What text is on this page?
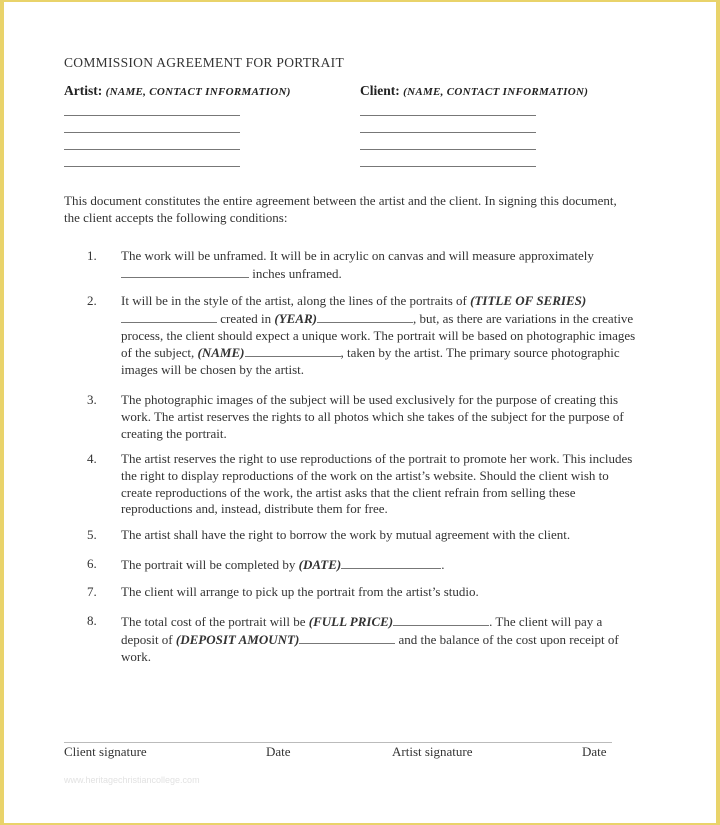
COMMISSION AGREEMENT FOR PORTRAIT
Artist: (NAME, CONTACT INFORMATION)	Client: (NAME, CONTACT INFORMATION)
This document constitutes the entire agreement between the artist and the client. In signing this document, the client accepts the following conditions:
1. The work will be unframed. It will be in acrylic on canvas and will measure approximately  inches unframed.
2. It will be in the style of the artist, along the lines of the portraits of (TITLE OF SERIES) created in (YEAR)	, but, as there are variations in the creative process, the client should expect a unique work. The portrait will be based on photographic images of the subject, (NAME)	, taken by the artist. The primary source photographic images will be chosen by the artist.
3. The photographic images of the subject will be used exclusively for the purpose of creating this work. The artist reserves the rights to all photos which she takes of the subject for the purpose of creating the portrait.
4. The artist reserves the right to use reproductions of the portrait to promote her work. This includes the right to display reproductions of the work on the artist’s website. Should the client wish to create reproductions of the work, the artist asks that the client refrain from selling these reproductions and, instead, distribute them for free.
5. The artist shall have the right to borrow the work by mutual agreement with the client.
6. The portrait will be completed by (DATE)	.
7. The client will arrange to pick up the portrait from the artist’s studio.
8. The total cost of the portrait will be (FULL PRICE)	. The client will pay a deposit of (DEPOSIT AMOUNT)	and the balance of the cost upon receipt of work.
Client signature	Date	Artist signature	Date
www.heritagechristiancollege.com
